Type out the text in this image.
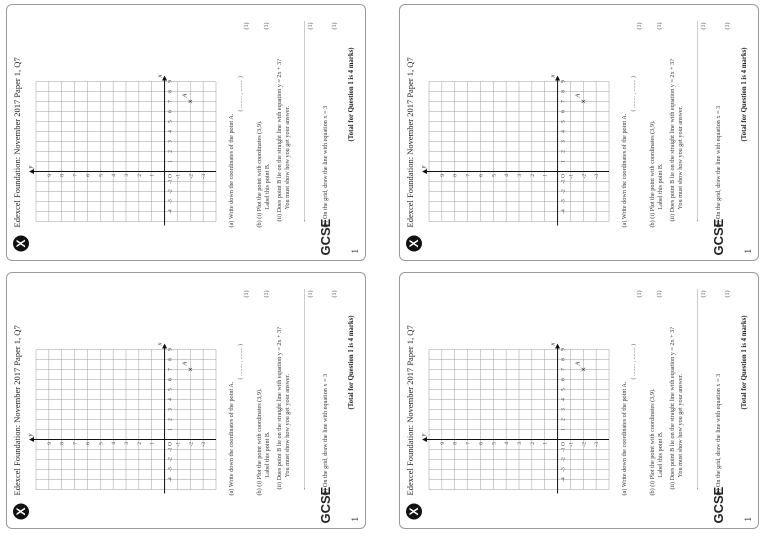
X	GCSE 1
Edexcel Foundation: November 2017 Paper 1, Q7	-4
-3
-2
-1
1
2
3
4
5
6
7
8
9
-3
-2
-1
1
2
3
4
5
6
7
8
9	O
x
y
×
A
(a) Write down the coordinates of the point A.
( ........ , ........ )
(1)
(b) (i) Plot the point with coordinates (3,9). Label this point B.
(1)
(ii) Does point B lie on the straight line with equation y = 2x + 3? You must show how you get your answer.
(1)
(c) On the grid, draw the line with equation x = 3
(1)
(Total for Question 1 is 4 marks)
X	GCSE 1
Edexcel Foundation: November 2017 Paper 1, Q7	-4
-3
-2
-1
1
2
3
4
5
6
7
8
9
-3
-2
-1
1
2
3
4
5
6
7
8
9	O
x
y
×
A
(a) Write down the coordinates of the point A.
( ........ , ........ )
(1)
(b) (i) Plot the point with coordinates (3,9). Label this point B.
(1)
(ii) Does point B lie on the straight line with equation y = 2x + 3? You must show how you get your answer.
(1)
(c) On the grid, draw the line with equation x = 3
(1)
(Total for Question 1 is 4 marks)
X	GCSE 1
Edexcel Foundation: November 2017 Paper 1, Q7	-4
-3
-2
-1
1
2
3
4
5
6
7
8
9
-3
-2
-1
1
2
3
4
5
6
7
8
9	O
x
y
×
A
(a) Write down the coordinates of the point A.
( ........ , ........ )
(1)
(b) (i) Plot the point with coordinates (3,9). Label this point B.
(1)
(ii) Does point B lie on the straight line with equation y = 2x + 3? You must show how you get your answer.
(1)
(c) On the grid, draw the line with equation x = 3
(1)
(Total for Question 1 is 4 marks)
X	GCSE 1
Edexcel Foundation: November 2017 Paper 1, Q7	-4
-3
-2
-1
1
2
3
4
5
6
7
8
9
-3
-2
-1
1
2
3
4
5
6
7
8
9	O
x
y
×
A
(a) Write down the coordinates of the point A.
( ........ , ........ )
(1)
(b) (i) Plot the point with coordinates (3,9). Label this point B.
(1)
(ii) Does point B lie on the straight line with equation y = 2x + 3? You must show how you get your answer.
(1)
(c) On the grid, draw the line with equation x = 3
(1)
(Total for Question 1 is 4 marks)
